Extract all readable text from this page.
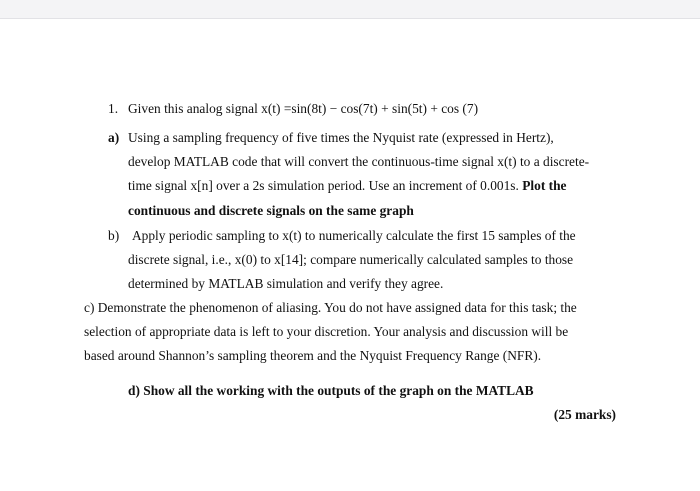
1. Given this analog signal x(t) =sin(8t) − cos(7t) + sin(5t) + cos (7)
a) Using a sampling frequency of five times the Nyquist rate (expressed in Hertz),
develop MATLAB code that will convert the continuous-time signal x(t) to a discrete-
time signal x[n] over a 2s simulation period. Use an increment of 0.001s. Plot the
continuous and discrete signals on the same graph
b) Apply periodic sampling to x(t) to numerically calculate the first 15 samples of the
discrete signal, i.e., x(0) to x[14]; compare numerically calculated samples to those
determined by MATLAB simulation and verify they agree.
c) Demonstrate the phenomenon of aliasing. You do not have assigned data for this task; the
selection of appropriate data is left to your discretion. Your analysis and discussion will be
based around Shannon’s sampling theorem and the Nyquist Frequency Range (NFR).
d) Show all the working with the outputs of the graph on the MATLAB
(25 marks)
